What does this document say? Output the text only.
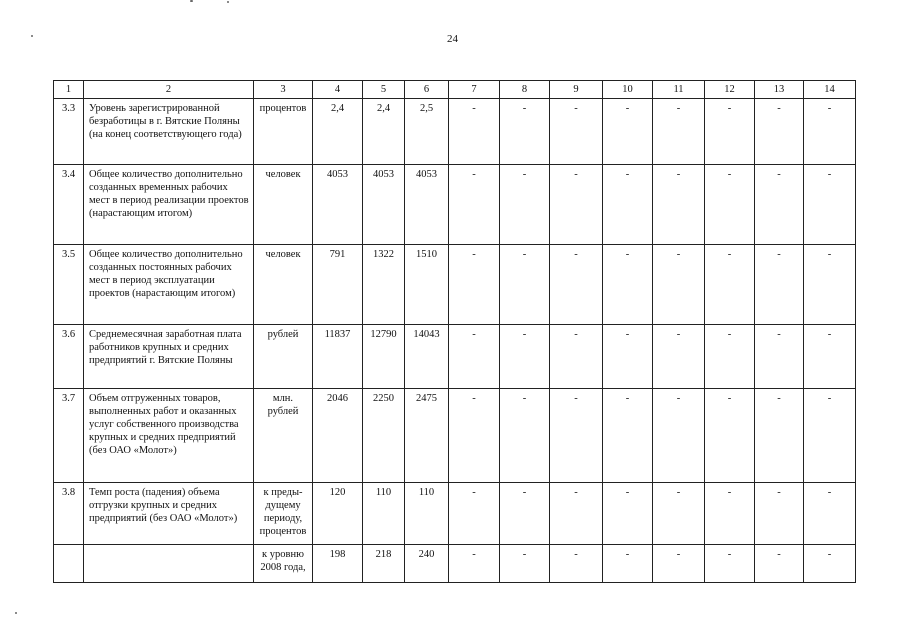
24
1	2	3	4	5	6	7	8	9	10	11	12	13	14
3.3	Уровень зарегистрированной безработицы в г. Вятские Поляны (на конец соответствующего года)	процентов	2,4	2,4	2,5	-	-	-	-	-	-	-	-
3.4	Общее количество дополнительно созданных временных рабочих мест в период реализации проектов (нарастающим итогом)	человек	4053	4053	4053	-	-	-	-	-	-	-	-
3.5	Общее количество дополнительно созданных постоянных рабочих мест в период эксплуатации проектов (нарастающим итогом)	человек	791	1322	1510	-	-	-	-	-	-	-	-
3.6	Среднемесячная заработная плата работников крупных и средних предприятий г. Вятские Поляны	рублей	11837	12790	14043	-	-	-	-	-	-	-	-
3.7	Объем отгруженных товаров, выполненных работ и оказанных услуг собственного производства крупных и средних предприятий (без ОАО «Молот»)	млн. рублей	2046	2250	2475	-	-	-	-	-	-	-	-
3.8	Темп роста (падения) объема отгрузки крупных и средних предприятий (без ОАО «Молот»)	к преды-дущему периоду, процентов	120	110	110	-	-	-	-	-	-	-	-
		к уровню 2008 года,	198	218	240	-	-	-	-	-	-	-	-
